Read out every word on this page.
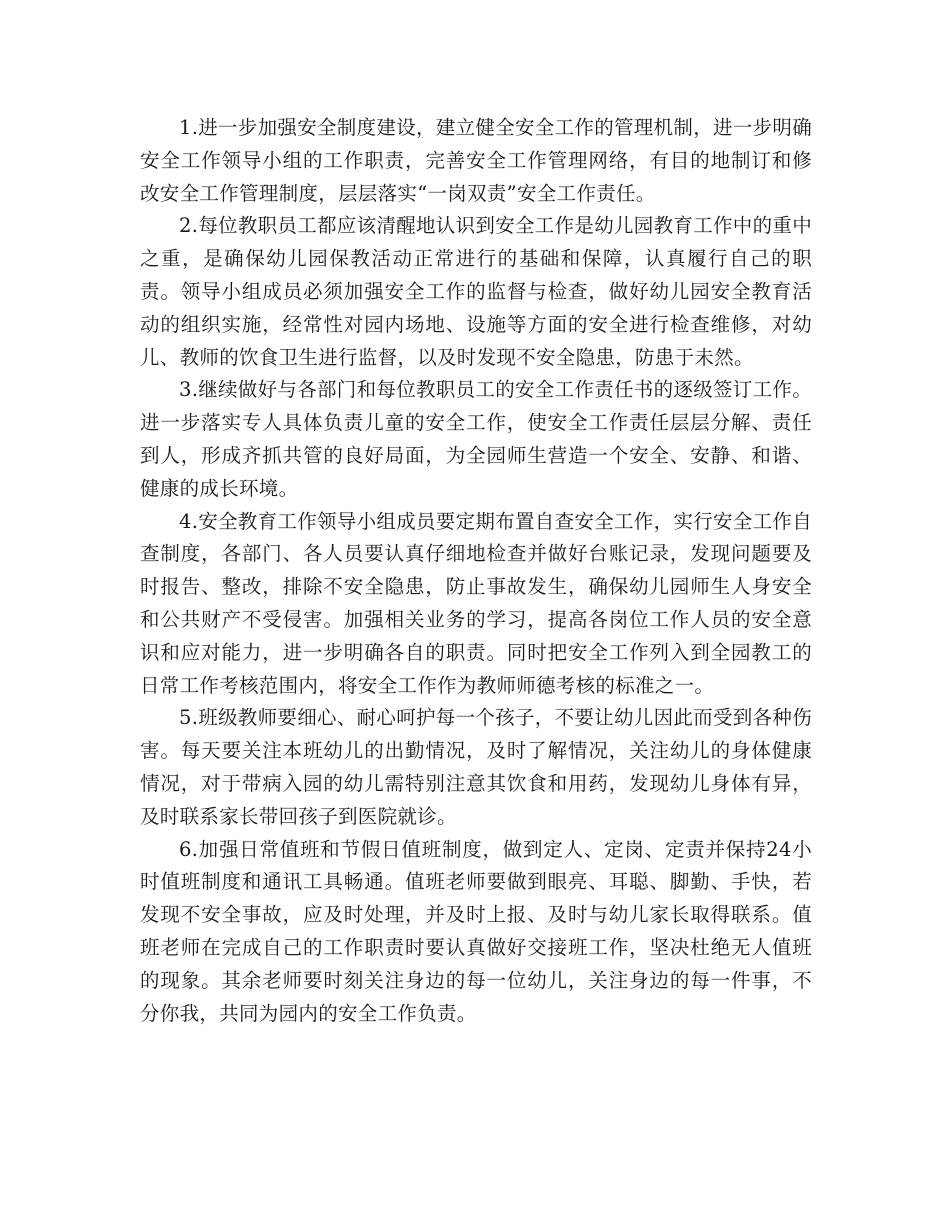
1.进一步加强安全制度建设，建立健全安全工作的管理机制，进一步明确安全工作领导小组的工作职责，完善安全工作管理网络，有目的地制订和修改安全工作管理制度，层层落实“一岗双责”安全工作责任。

2.每位教职员工都应该清醒地认识到安全工作是幼儿园教育工作中的重中之重，是确保幼儿园保教活动正常进行的基础和保障，认真履行自己的职责。领导小组成员必须加强安全工作的监督与检查，做好幼儿园安全教育活动的组织实施，经常性对园内场地、设施等方面的安全进行检查维修，对幼儿、教师的饮食卫生进行监督，以及时发现不安全隐患，防患于未然。

3.继续做好与各部门和每位教职员工的安全工作责任书的逐级签订工作。进一步落实专人具体负责儿童的安全工作，使安全工作责任层层分解、责任到人，形成齐抓共管的良好局面，为全园师生营造一个安全、安静、和谐、健康的成长环境。

4.安全教育工作领导小组成员要定期布置自查安全工作，实行安全工作自查制度，各部门、各人员要认真仔细地检查并做好台账记录，发现问题要及时报告、整改，排除不安全隐患，防止事故发生，确保幼儿园师生人身安全和公共财产不受侵害。加强相关业务的学习，提高各岗位工作人员的安全意识和应对能力，进一步明确各自的职责。同时把安全工作列入到全园教工的日常工作考核范围内，将安全工作作为教师师德考核的标准之一。

5.班级教师要细心、耐心呵护每一个孩子，不要让幼儿因此而受到各种伤害。每天要关注本班幼儿的出勤情况，及时了解情况，关注幼儿的身体健康情况，对于带病入园的幼儿需特别注意其饮食和用药，发现幼儿身体有异，及时联系家长带回孩子到医院就诊。

6.加强日常值班和节假日值班制度，做到定人、定岗、定责并保持24小时值班制度和通讯工具畅通。值班老师要做到眼亮、耳聪、脚勤、手快，若发现不安全事故，应及时处理，并及时上报、及时与幼儿家长取得联系。值班老师在完成自己的工作职责时要认真做好交接班工作，坚决杜绝无人值班的现象。其余老师要时刻关注身边的每一位幼儿，关注身边的每一件事，不分你我，共同为园内的安全工作负责。
